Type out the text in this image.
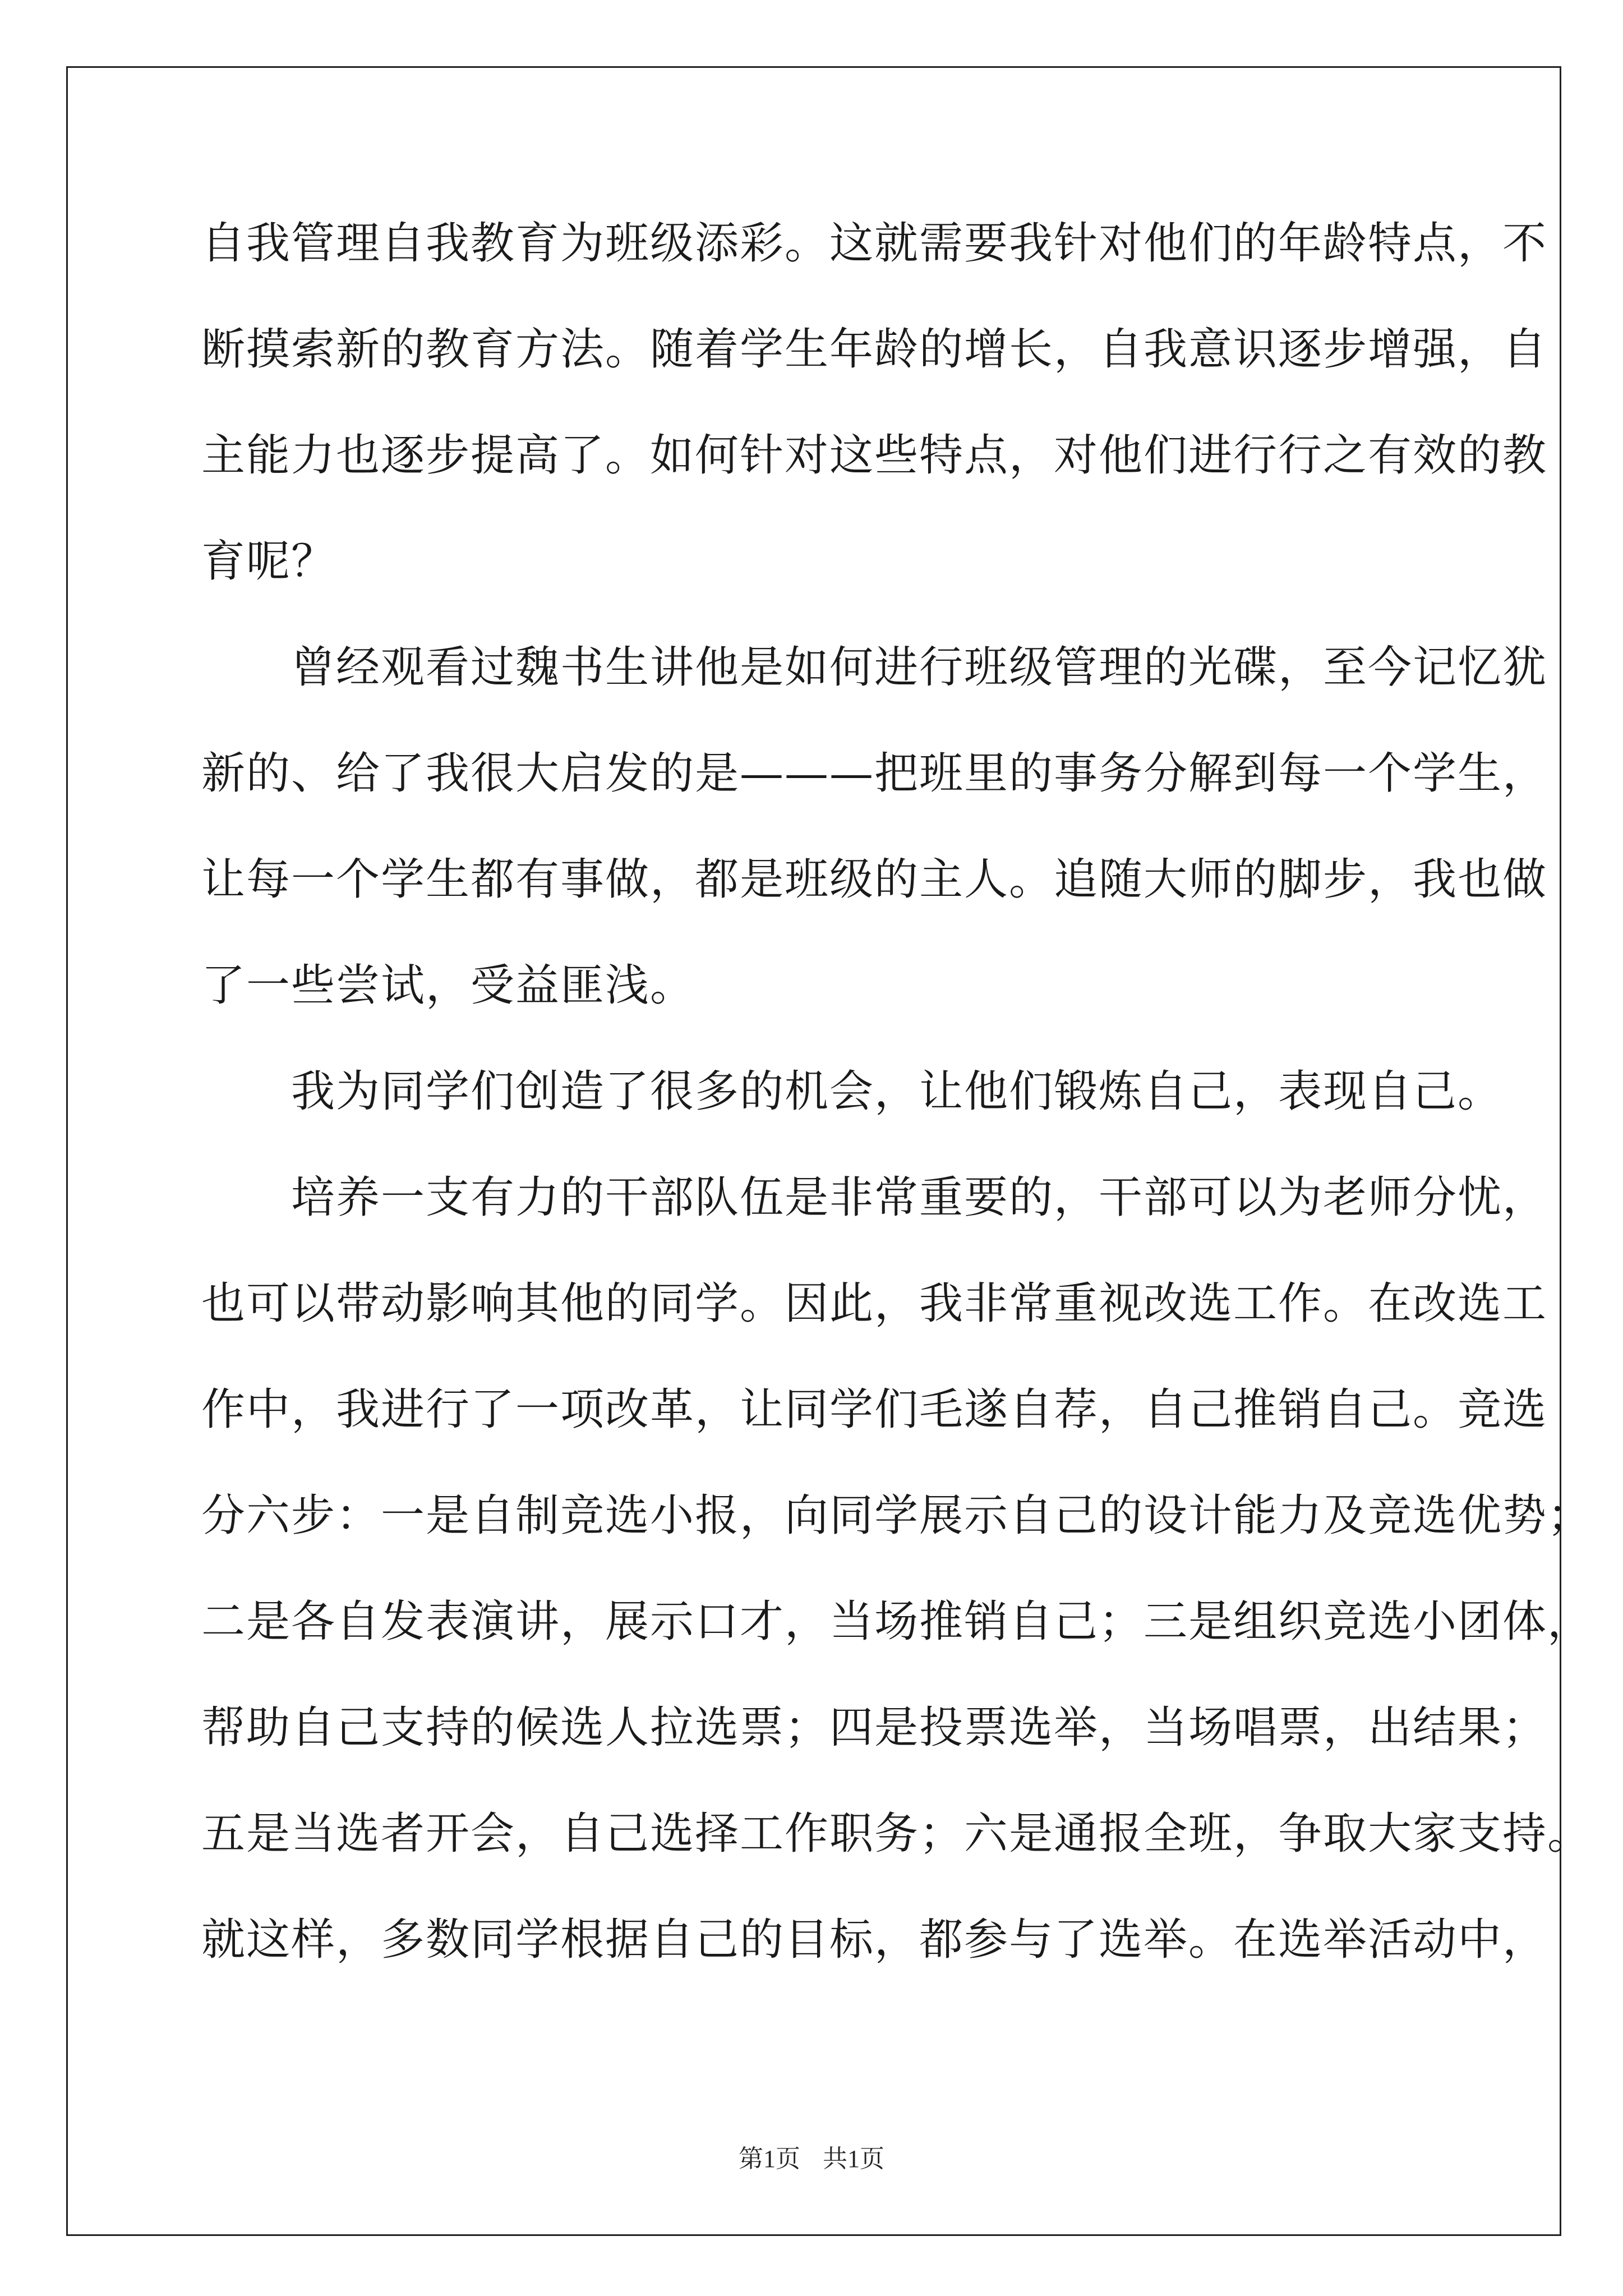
自我管理自我教育为班级添彩。这就需要我针对他们的年龄特点，不
断摸索新的教育方法。随着学生年龄的增长，自我意识逐步增强，自
主能力也逐步提高了。如何针对这些特点，对他们进行行之有效的教
育呢？
　　曾经观看过魏书生讲他是如何进行班级管理的光碟，至今记忆犹
新的、给了我很大启发的是———把班里的事务分解到每一个学生，
让每一个学生都有事做，都是班级的主人。追随大师的脚步，我也做
了一些尝试，受益匪浅。
　　我为同学们创造了很多的机会，让他们锻炼自己，表现自己。
　　培养一支有力的干部队伍是非常重要的，干部可以为老师分忧，
也可以带动影响其他的同学。因此，我非常重视改选工作。在改选工
作中，我进行了一项改革，让同学们毛遂自荐，自己推销自己。竞选
分六步：一是自制竞选小报，向同学展示自己的设计能力及竞选优势；
二是各自发表演讲，展示口才，当场推销自己；三是组织竞选小团体，
帮助自己支持的候选人拉选票；四是投票选举，当场唱票，出结果；
五是当选者开会，自己选择工作职务；六是通报全班，争取大家支持。
就这样，多数同学根据自己的目标，都参与了选举。在选举活动中，
第1页 共1页
